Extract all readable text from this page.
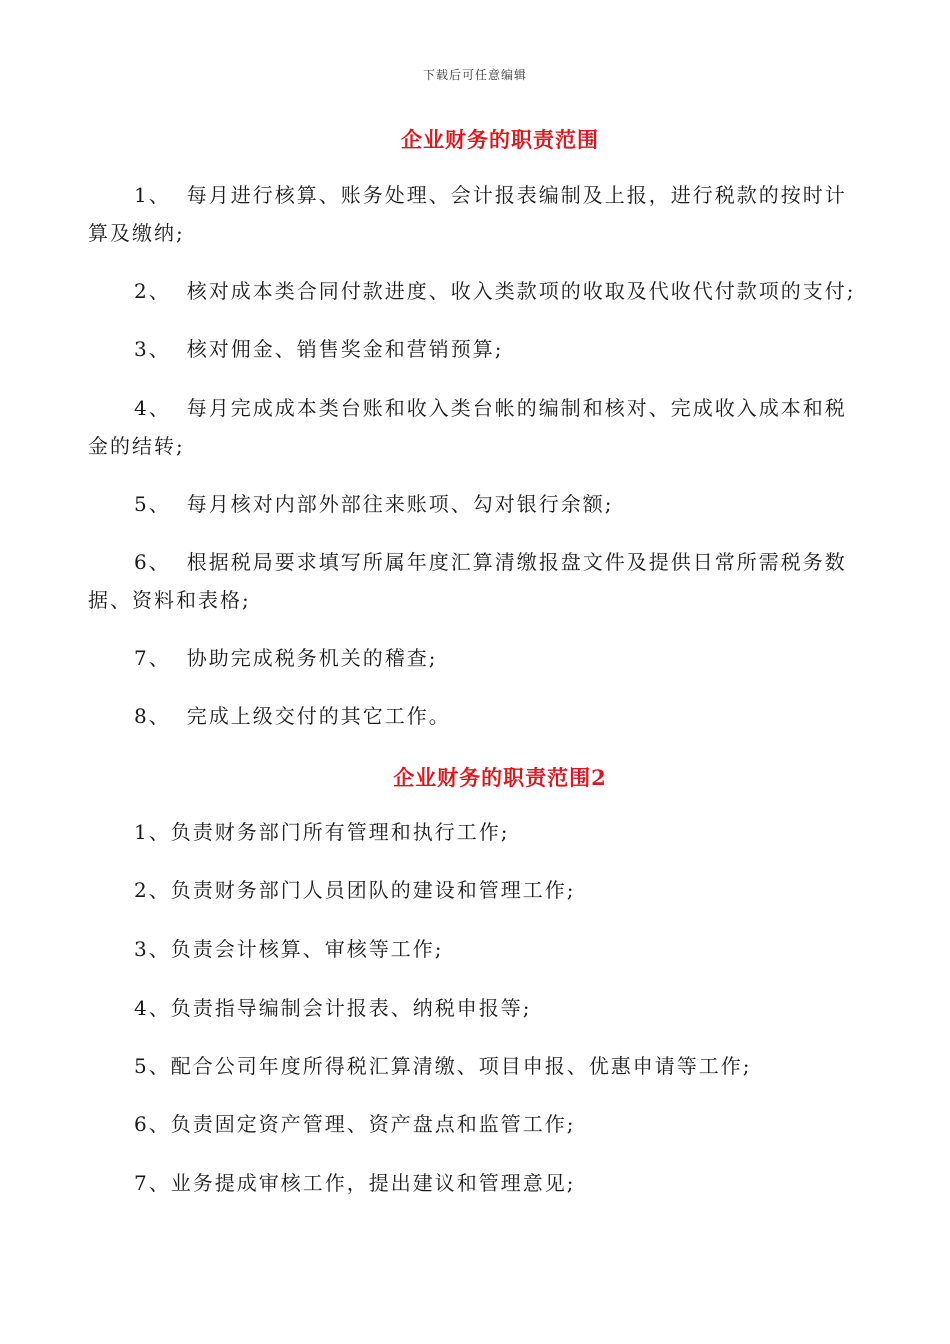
下载后可任意编辑
企业财务的职责范围
1、 每月进行核算、账务处理、会计报表编制及上报，进行税款的按时计算及缴纳;
2、 核对成本类合同付款进度、收入类款项的收取及代收代付款项的支付;
3、 核对佣金、销售奖金和营销预算;
4、 每月完成成本类台账和收入类台帐的编制和核对、完成收入成本和税金的结转;
5、 每月核对内部外部往来账项、勾对银行余额;
6、 根据税局要求填写所属年度汇算清缴报盘文件及提供日常所需税务数据、资料和表格;
7、 协助完成税务机关的稽查;
8、 完成上级交付的其它工作。
企业财务的职责范围2
1、负责财务部门所有管理和执行工作;
2、负责财务部门人员团队的建设和管理工作;
3、负责会计核算、审核等工作;
4、负责指导编制会计报表、纳税申报等;
5、配合公司年度所得税汇算清缴、项目申报、优惠申请等工作;
6、负责固定资产管理、资产盘点和监管工作;
7、业务提成审核工作，提出建议和管理意见;
